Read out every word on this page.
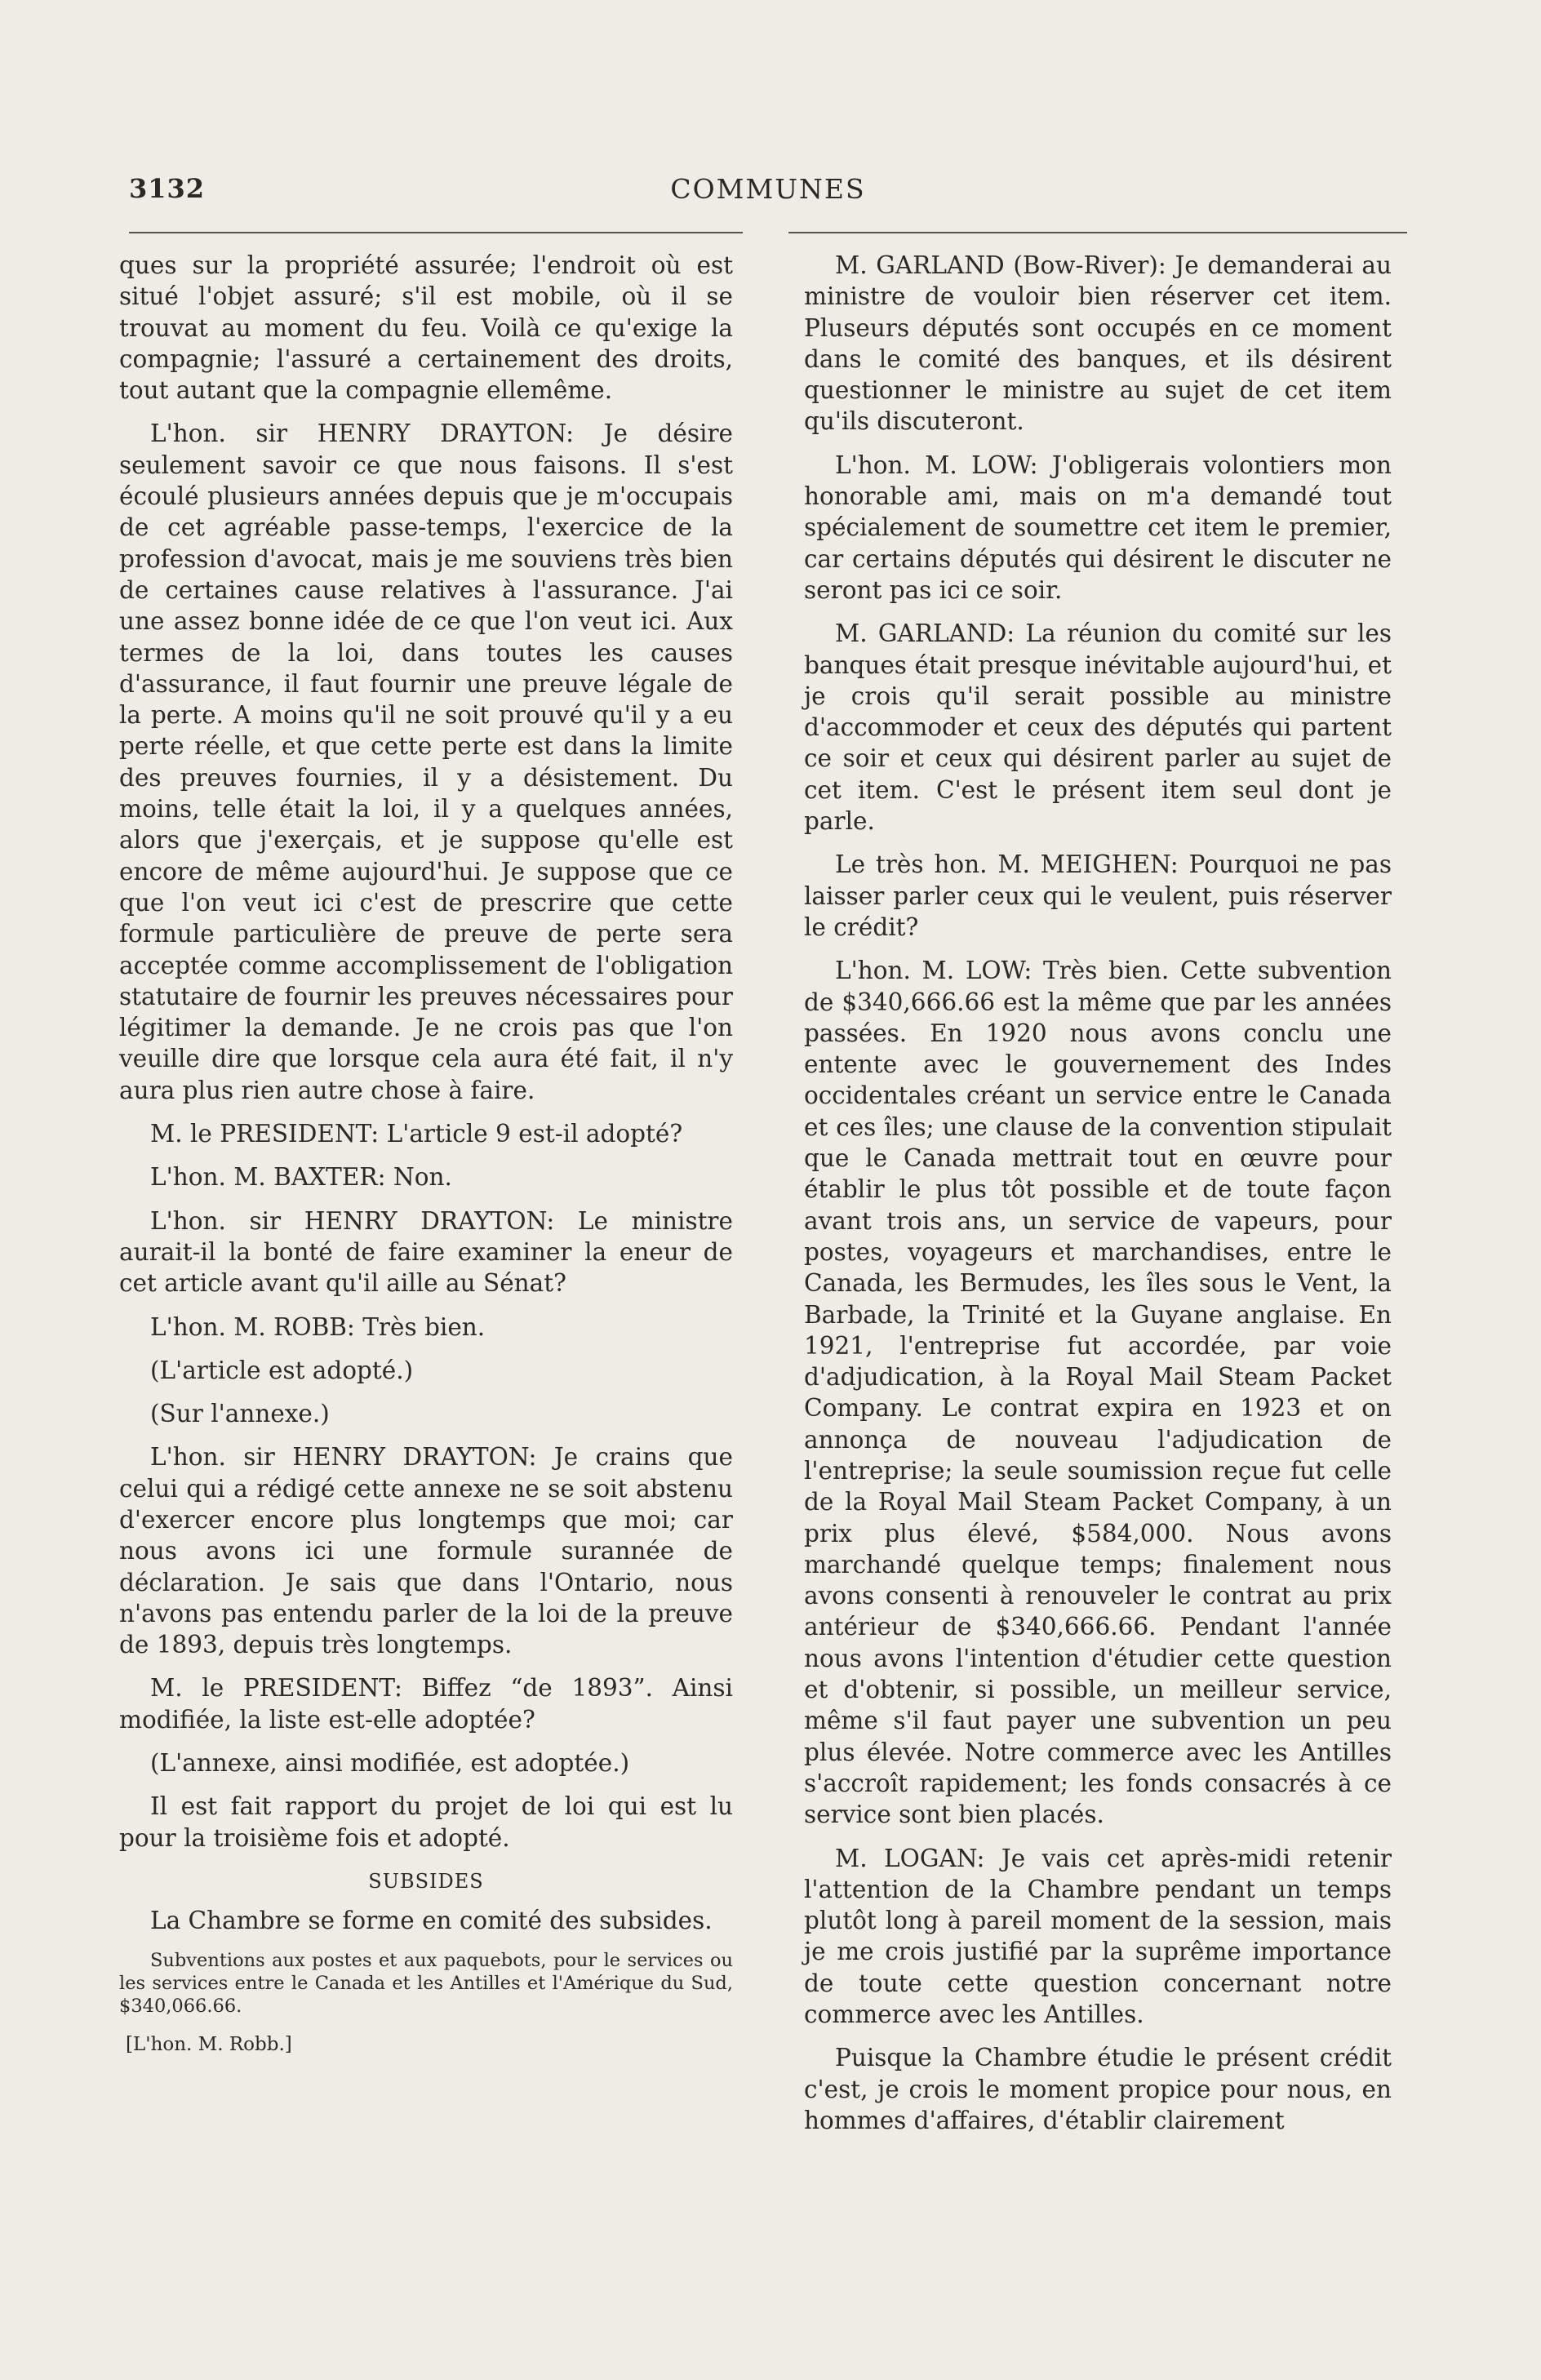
3132	COMMUNES

ques sur la propriété assurée; l'endroit où est situé l'objet assuré; s'il est mobile, où il se trouvat au moment du feu. Voilà ce qu'exige la compagnie; l'assuré a certainement des droits, tout autant que la compagnie ellemême.

L'hon. sir HENRY DRAYTON: Je désire seulement savoir ce que nous faisons. Il s'est écoulé plusieurs années depuis que je m'occupais de cet agréable passe-temps, l'exercice de la profession d'avocat, mais je me souviens très bien de certaines cause relatives à l'assurance. J'ai une assez bonne idée de ce que l'on veut ici. Aux termes de la loi, dans toutes les causes d'assurance, il faut fournir une preuve légale de la perte. A moins qu'il ne soit prouvé qu'il y a eu perte réelle, et que cette perte est dans la limite des preuves fournies, il y a désistement. Du moins, telle était la loi, il y a quelques années, alors que j'exerçais, et je suppose qu'elle est encore de même aujourd'hui. Je suppose que ce que l'on veut ici c'est de prescrire que cette formule particulière de preuve de perte sera acceptée comme accomplissement de l'obligation statutaire de fournir les preuves nécessaires pour légitimer la demande. Je ne crois pas que l'on veuille dire que lorsque cela aura été fait, il n'y aura plus rien autre chose à faire.

M. le PRESIDENT: L'article 9 est-il adopté?

L'hon. M. BAXTER: Non.

L'hon. sir HENRY DRAYTON: Le ministre aurait-il la bonté de faire examiner la eneur de cet article avant qu'il aille au Sénat?

L'hon. M. ROBB: Très bien.

(L'article est adopté.)

(Sur l'annexe.)

L'hon. sir HENRY DRAYTON: Je crains que celui qui a rédigé cette annexe ne se soit abstenu d'exercer encore plus longtemps que moi; car nous avons ici une formule surannée de déclaration. Je sais que dans l'Ontario, nous n'avons pas entendu parler de la loi de la preuve de 1893, depuis très longtemps.

M. le PRESIDENT: Biffez “de 1893”. Ainsi modifiée, la liste est-elle adoptée?

(L'annexe, ainsi modifiée, est adoptée.)

Il est fait rapport du projet de loi qui est lu pour la troisième fois et adopté.

SUBSIDES

La Chambre se forme en comité des subsides.

Subventions aux postes et aux paquebots, pour le services ou les services entre le Canada et les Antilles et l'Amérique du Sud, $340,066.66.

[L'hon. M. Robb.]

M. GARLAND (Bow-River): Je demanderai au ministre de vouloir bien réserver cet item. Pluseurs députés sont occupés en ce moment dans le comité des banques, et ils désirent questionner le ministre au sujet de cet item qu'ils discuteront.

L'hon. M. LOW: J'obligerais volontiers mon honorable ami, mais on m'a demandé tout spécialement de soumettre cet item le premier, car certains députés qui désirent le discuter ne seront pas ici ce soir.

M. GARLAND: La réunion du comité sur les banques était presque inévitable aujourd'hui, et je crois qu'il serait possible au ministre d'accommoder et ceux des députés qui partent ce soir et ceux qui désirent parler au sujet de cet item. C'est le présent item seul dont je parle.

Le très hon. M. MEIGHEN: Pourquoi ne pas laisser parler ceux qui le veulent, puis réserver le crédit?

L'hon. M. LOW: Très bien. Cette subvention de $340,666.66 est la même que par les années passées. En 1920 nous avons conclu une entente avec le gouvernement des Indes occidentales créant un service entre le Canada et ces îles; une clause de la convention stipulait que le Canada mettrait tout en œuvre pour établir le plus tôt possible et de toute façon avant trois ans, un service de vapeurs, pour postes, voyageurs et marchandises, entre le Canada, les Bermudes, les îles sous le Vent, la Barbade, la Trinité et la Guyane anglaise. En 1921, l'entreprise fut accordée, par voie d'adjudication, à la Royal Mail Steam Packet Company. Le contrat expira en 1923 et on annonça de nouveau l'adjudication de l'entreprise; la seule soumission reçue fut celle de la Royal Mail Steam Packet Company, à un prix plus élevé, $584,000. Nous avons marchandé quelque temps; finalement nous avons consenti à renouveler le contrat au prix antérieur de $340,666.66. Pendant l'année nous avons l'intention d'étudier cette question et d'obtenir, si possible, un meilleur service, même s'il faut payer une subvention un peu plus élevée. Notre commerce avec les Antilles s'accroît rapidement; les fonds consacrés à ce service sont bien placés.

M. LOGAN: Je vais cet après-midi retenir l'attention de la Chambre pendant un temps plutôt long à pareil moment de la session, mais je me crois justifié par la suprême importance de toute cette question concernant notre commerce avec les Antilles.

Puisque la Chambre étudie le présent crédit c'est, je crois le moment propice pour nous, en hommes d'affaires, d'établir clairement
